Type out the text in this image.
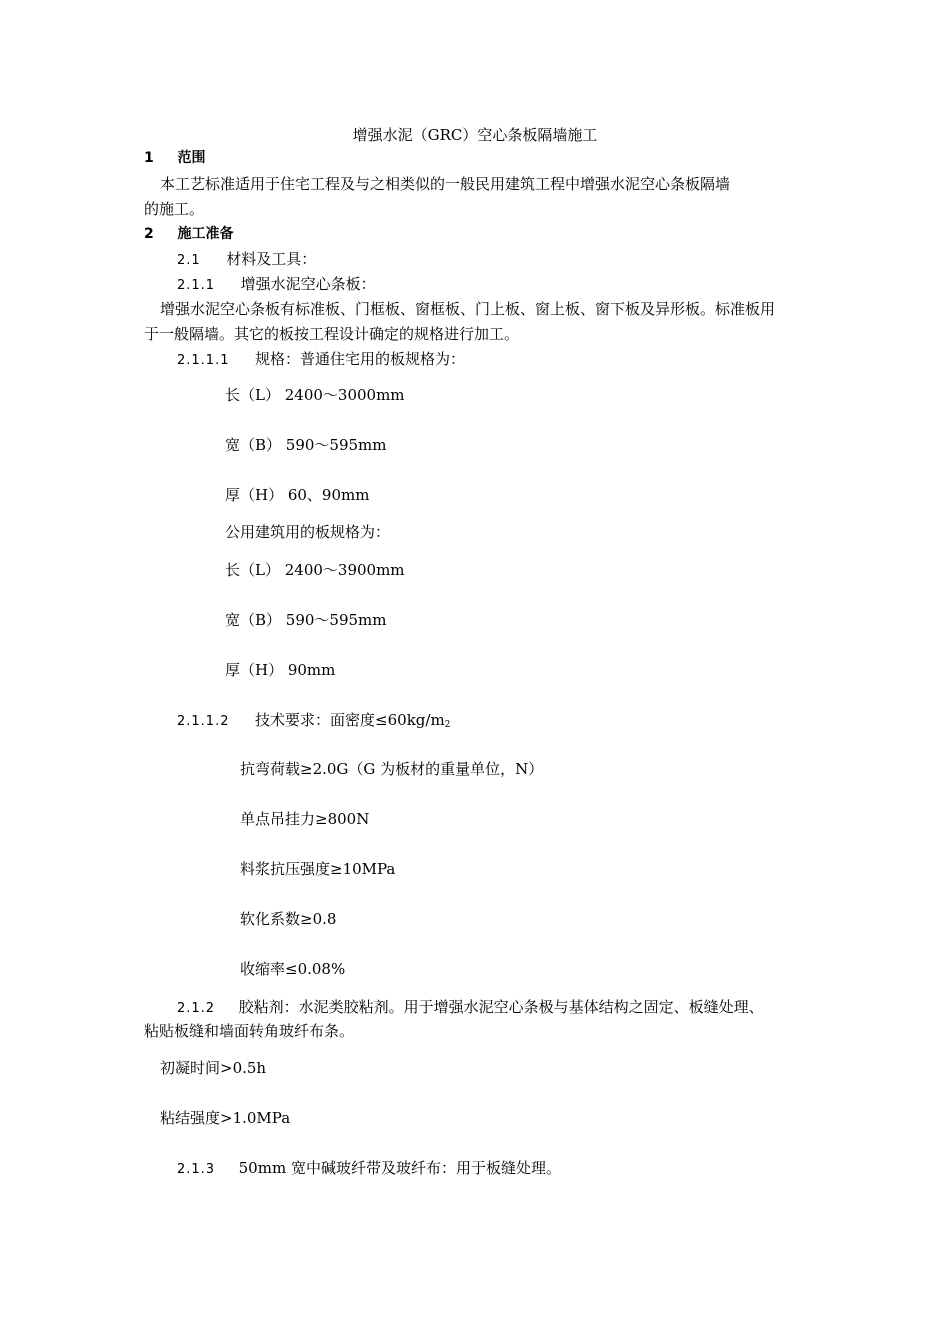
增强水泥（GRC）空心条板隔墙施工
1 范围
本工艺标准适用于住宅工程及与之相类似的一般民用建筑工程中增强水泥空心条板隔墙
的施工。
2 施工准备
2.1 材料及工具：
2.1.1 增强水泥空心条板：
增强水泥空心条板有标准板、门框板、窗框板、门上板、窗上板、窗下板及异形板。标准板用
于一般隔墙。其它的板按工程设计确定的规格进行加工。
2.1.1.1 规格：普通住宅用的板规格为：
长（L） 2400～3000mm
宽（B） 590～595mm
厚（H） 60、90mm
公用建筑用的板规格为：
长（L） 2400～3900mm
宽（B） 590～595mm
厚（H） 90mm
2.1.1.2 技术要求：面密度$\le 60kg/m_2$
抗弯荷载≥2.0G（G 为板材的重量单位，N）
单点吊挂力≥800N
料浆抗压强度≥10MPa
软化系数≥0.8
收缩率≤0.08%
2.1.2 胶粘剂：水泥类胶粘剂。用于增强水泥空心条极与基体结构之固定、板缝处理、
粘贴板缝和墙面转角玻纤布条。
初凝时间>0.5h
粘结强度>1.0MPa
2.1.3 50mm 宽中碱玻纤带及玻纤布：用于板缝处理。
